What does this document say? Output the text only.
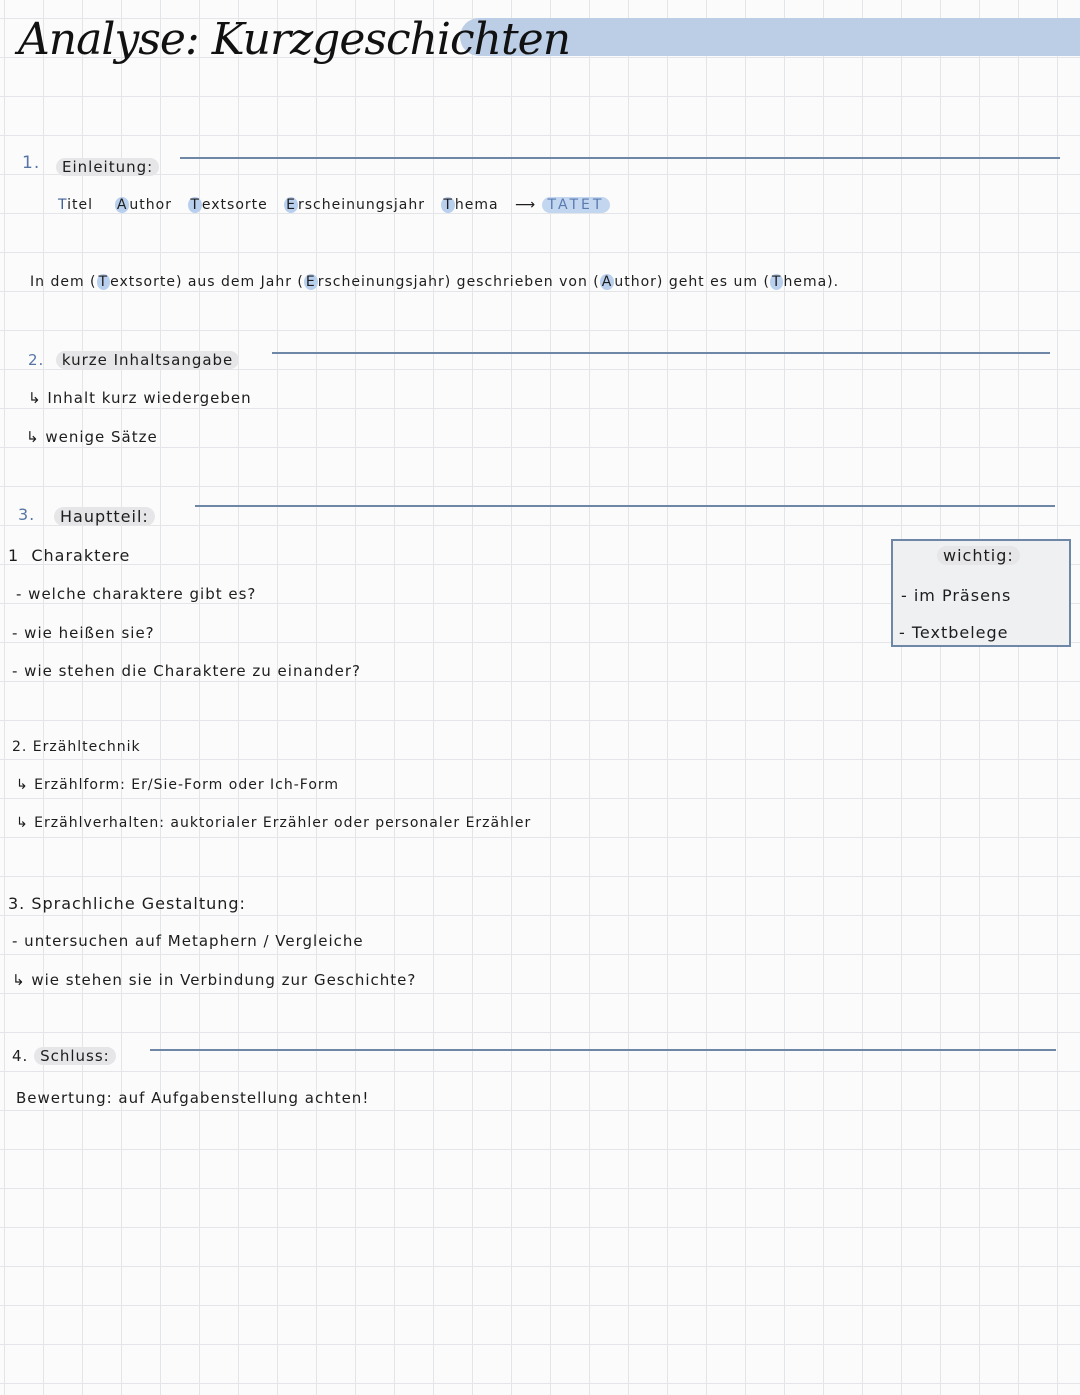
Analyse: Kurzgeschichten
1.	Einleitung:
Titel A uthor T extsorte E rscheinungsjahr T hema ⟶ TATET
In dem ( T extsorte) aus dem Jahr ( E rscheinungsjahr) geschrieben von ( A uthor) geht es um ( T hema).
2. kurze Inhaltsangabe
↳ Inhalt kurz wiedergeben
↳ wenige Sätze
3.	Hauptteil:
1 Charaktere
- welche charaktere gibt es?
- wie heißen sie?
- wie stehen die Charaktere zu einander?
2. Erzähltechnik
↳ Erzählform: Er/Sie-Form oder Ich-Form
↳ Erzählverhalten: auktorialer Erzähler oder personaler Erzähler
3. Sprachliche Gestaltung:
- untersuchen auf Metaphern / Vergleiche
↳ wie stehen sie in Verbindung zur Geschichte?
4. Schluss:
Bewertung: auf Aufgabenstellung achten!
wichtig:
- im Präsens
- Textbelege
